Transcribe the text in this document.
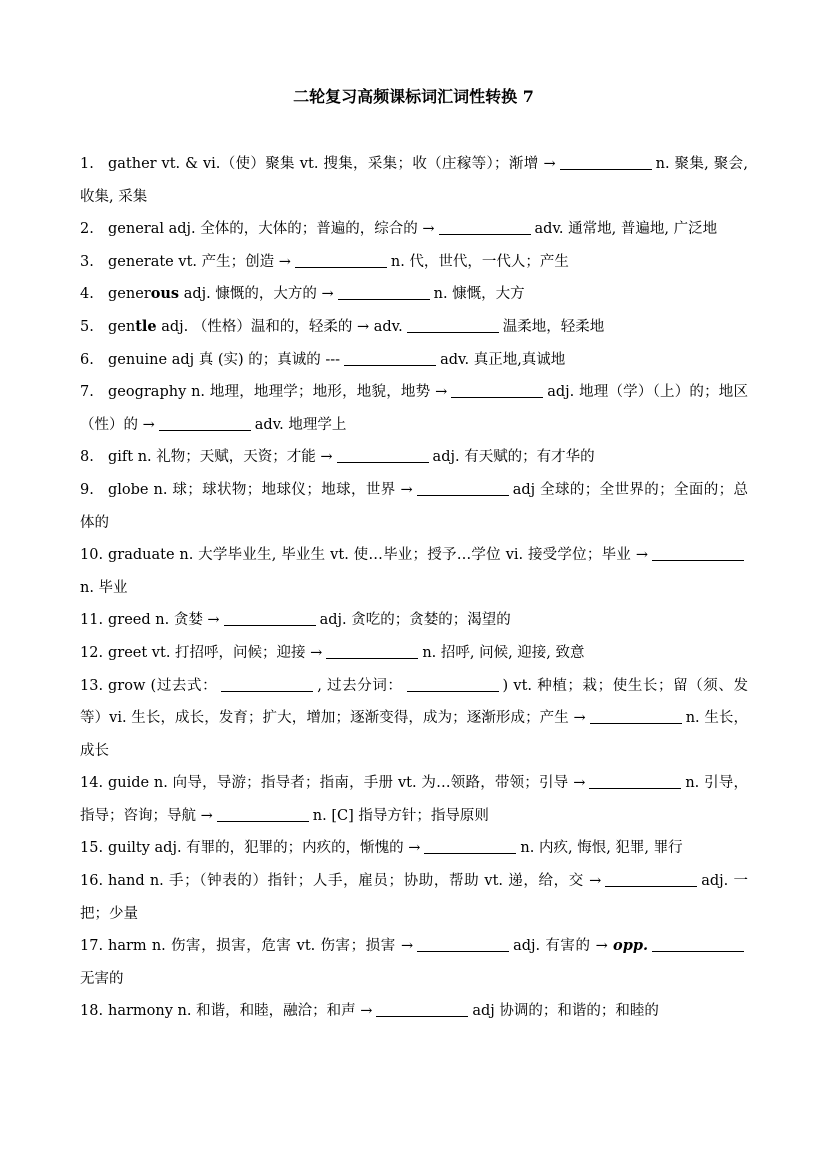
二轮复习高频课标词汇词性转换 7

1. gather vt. & vi.（使）聚集 vt. 搜集，采集；收（庄稼等）；渐增 →	n. 聚集, 聚会, 收集, 采集

2. general adj. 全体的，大体的；普遍的，综合的 →	adv. 通常地, 普遍地, 广泛地

3. generate vt. 产生；创造 →	n. 代，世代，一代人；产生

4. generous adj. 慷慨的，大方的 →	n. 慷慨，大方

5. gentle adj. （性格）温和的，轻柔的 → adv.	温柔地，轻柔地

6. genuine adj 真 (实) 的；真诚的 ---	adv. 真正地,真诚地

7. geography n. 地理，地理学；地形，地貌，地势 →	adj. 地理（学）（上）的；地区（性）的 →	adv. 地理学上

8. gift n. 礼物；天赋，天资；才能 →	adj. 有天赋的；有才华的

9. globe n. 球；球状物；地球仪；地球，世界 →	adj 全球的；全世界的；全面的；总体的

10. graduate n. 大学毕业生, 毕业生 vt. 使…毕业；授予…学位 vi. 接受学位；毕业 →n. 毕业

11. greed n. 贪婪 →	adj. 贪吃的；贪婪的；渴望的

12. greet vt. 打招呼，问候；迎接 →	n. 招呼, 问候, 迎接, 致意

13. grow (过去式：	, 过去分词：	) vt. 种植；栽；使生长；留（须、发等）vi. 生长，成长，发育；扩大，增加；逐渐变得，成为；逐渐形成；产生 →	n. 生长，成长

14. guide n. 向导，导游；指导者；指南，手册 vt. 为…领路，带领；引导 →	n. 引导，指导；咨询；导航 →	n. [C] 指导方针；指导原则

15. guilty adj. 有罪的，犯罪的；内疚的，惭愧的 →	n. 内疚, 悔恨, 犯罪, 罪行

16. hand n. 手；（钟表的）指针；人手，雇员；协助，帮助 vt. 递，给，交 →	adj. 一把；少量

17. harm n. 伤害，损害，危害 vt. 伤害；损害 →	adj. 有害的 → opp.无害的

18. harmony n. 和谐，和睦，融洽；和声 →	adj 协调的；和谐的；和睦的
